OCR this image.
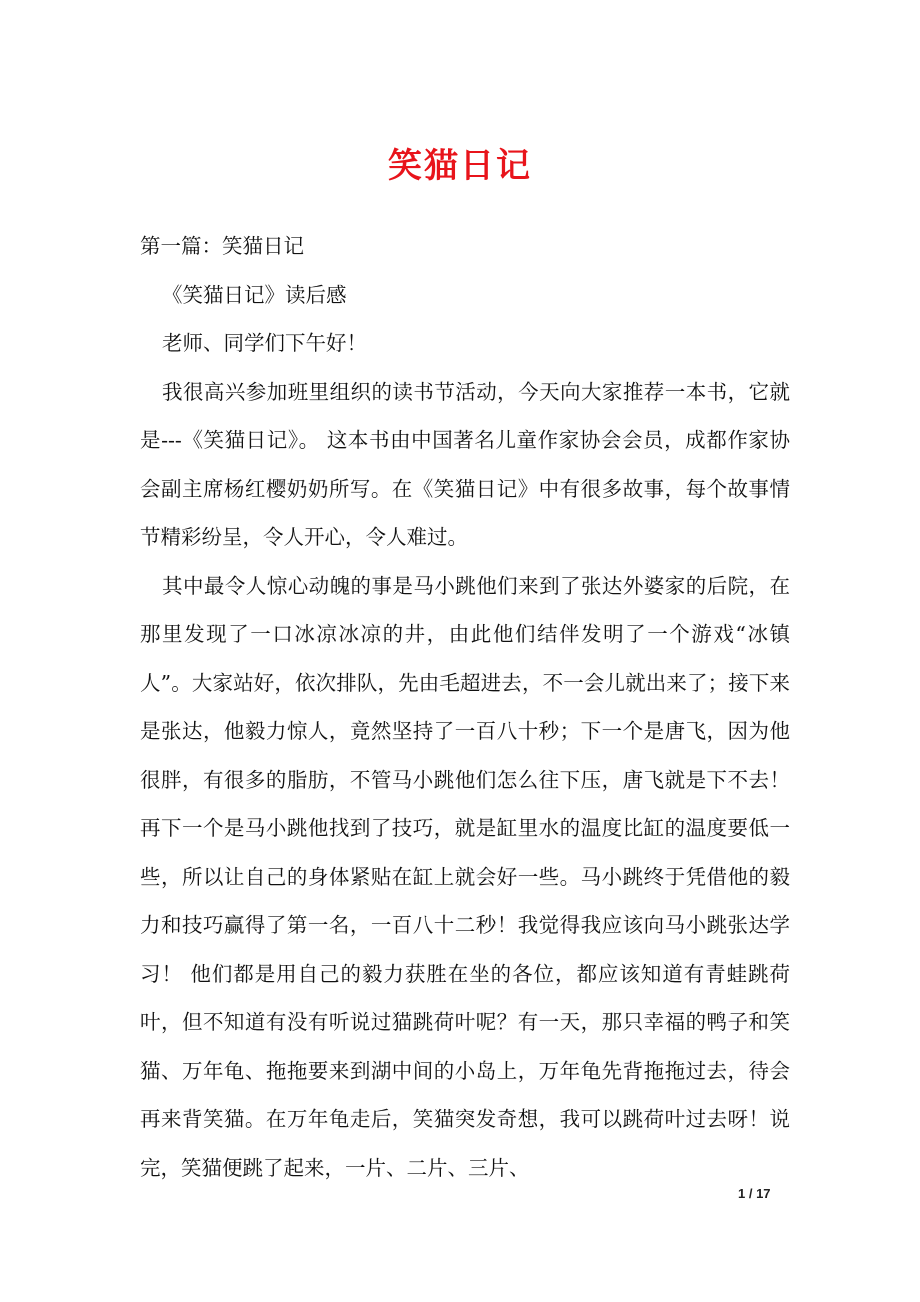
笑猫日记

第一篇：笑猫日记

《笑猫日记》读后感

老师、同学们下午好！

我很高兴参加班里组织的读书节活动，今天向大家推荐一本书，它就是---《笑猫日记》。 这本书由中国著名儿童作家协会会员，成都作家协会副主席杨红樱奶奶所写。在《笑猫日记》中有很多故事，每个故事情节精彩纷呈，令人开心，令人难过。

其中最令人惊心动魄的事是马小跳他们来到了张达外婆家的后院，在那里发现了一口冰凉冰凉的井，由此他们结伴发明了一个游戏“冰镇人”。大家站好，依次排队，先由毛超进去，不一会儿就出来了；接下来是张达，他毅力惊人，竟然坚持了一百八十秒；下一个是唐飞，因为他很胖，有很多的脂肪，不管马小跳他们怎么往下压，唐飞就是下不去！再下一个是马小跳他找到了技巧，就是缸里水的温度比缸的温度要低一些，所以让自己的身体紧贴在缸上就会好一些。马小跳终于凭借他的毅力和技巧赢得了第一名，一百八十二秒！我觉得我应该向马小跳张达学习！ 他们都是用自己的毅力获胜在坐的各位，都应该知道有青蛙跳荷叶，但不知道有没有听说过猫跳荷叶呢？有一天，那只幸福的鸭子和笑猫、万年龟、拖拖要来到湖中间的小岛上，万年龟先背拖拖过去，待会再来背笑猫。在万年龟走后，笑猫突发奇想，我可以跳荷叶过去呀！说完，笑猫便跳了起来，一片、二片、三片、

1 / 17
